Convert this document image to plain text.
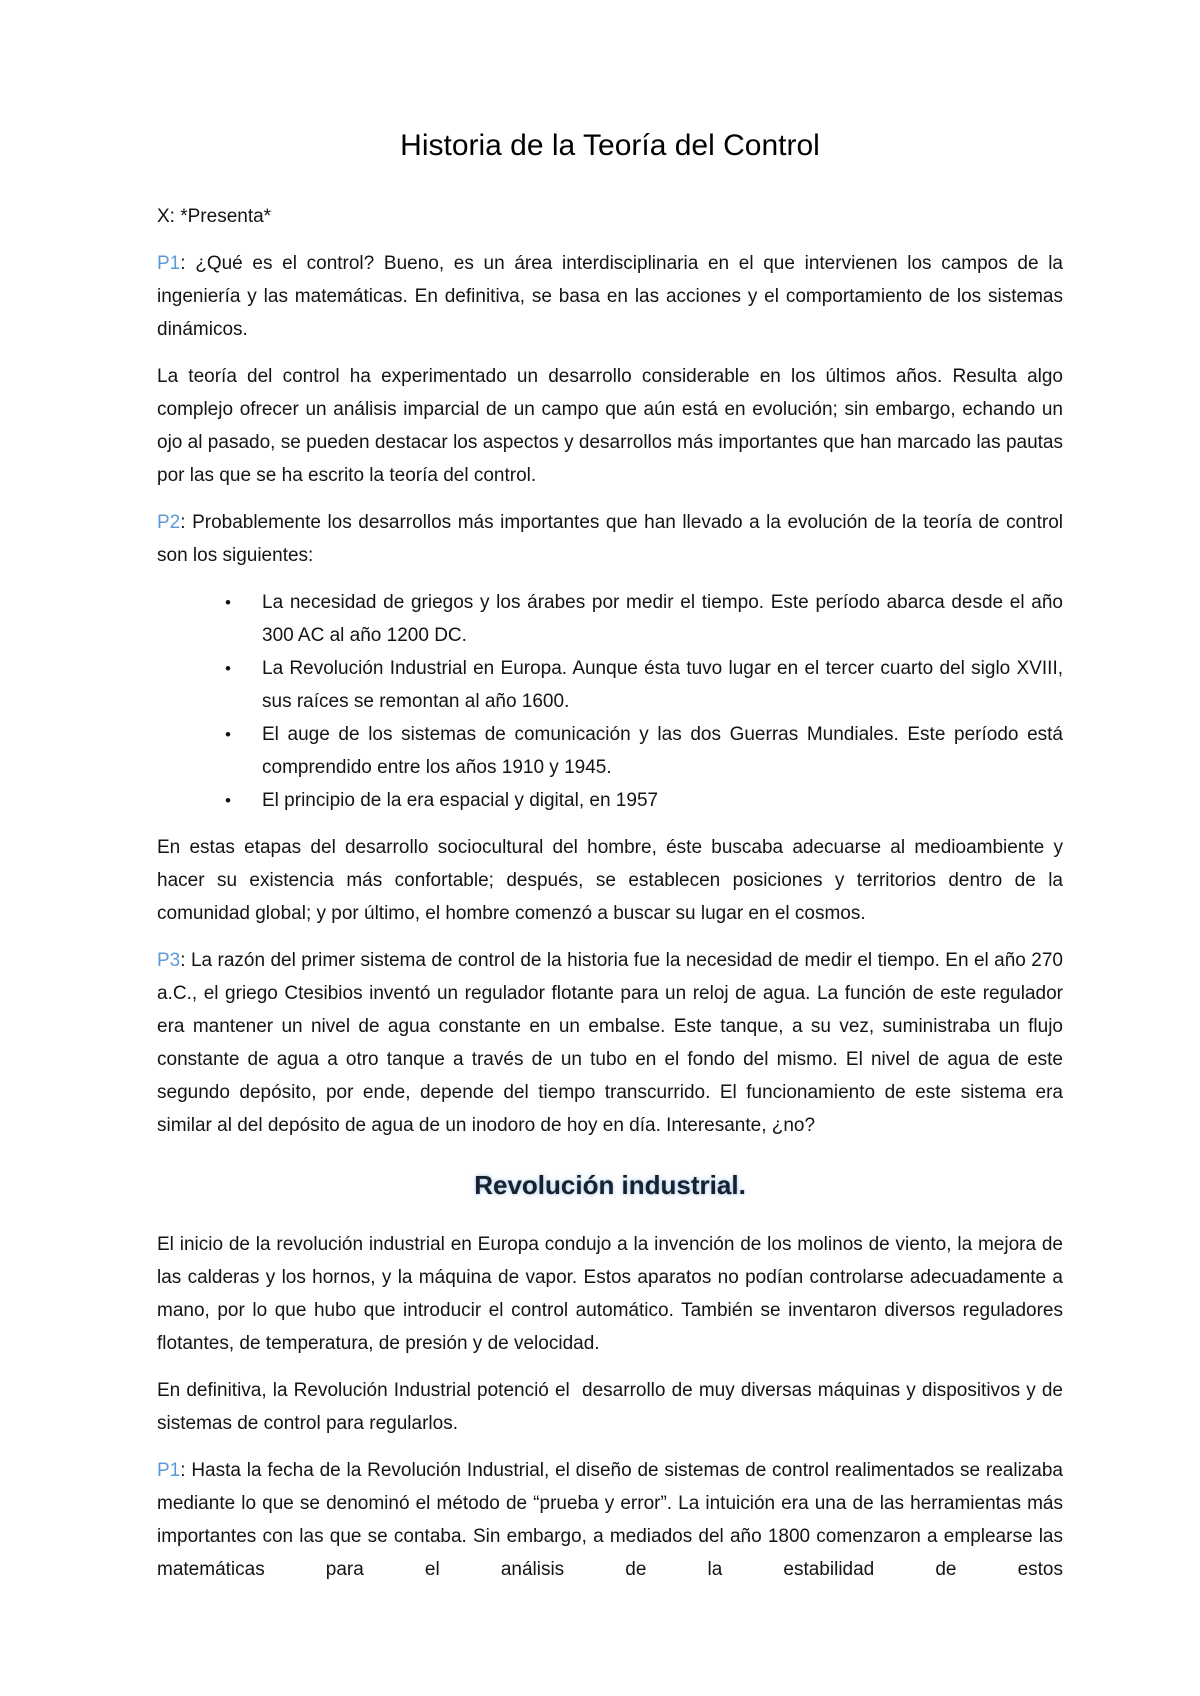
Historia de la Teoría del Control

X: *Presenta*

P1: ¿Qué es el control? Bueno, es un área interdisciplinaria en el que intervienen los campos de la ingeniería y las matemáticas. En definitiva, se basa en las acciones y el comportamiento de los sistemas dinámicos.

La teoría del control ha experimentado un desarrollo considerable en los últimos años. Resulta algo complejo ofrecer un análisis imparcial de un campo que aún está en evolución; sin embargo, echando un ojo al pasado, se pueden destacar los aspectos y desarrollos más importantes que han marcado las pautas por las que se ha escrito la teoría del control.

P2: Probablemente los desarrollos más importantes que han llevado a la evolución de la teoría de control son los siguientes:

•	La necesidad de griegos y los árabes por medir el tiempo. Este período abarca desde el año 300 AC al año 1200 DC.
•	La Revolución Industrial en Europa. Aunque ésta tuvo lugar en el tercer cuarto del siglo XVIII, sus raíces se remontan al año 1600.
•	El auge de los sistemas de comunicación y las dos Guerras Mundiales. Este período está comprendido entre los años 1910 y 1945.
•	El principio de la era espacial y digital, en 1957

En estas etapas del desarrollo sociocultural del hombre, éste buscaba adecuarse al medioambiente y hacer su existencia más confortable; después, se establecen posiciones y territorios dentro de la comunidad global; y por último, el hombre comenzó a buscar su lugar en el cosmos.

P3: La razón del primer sistema de control de la historia fue la necesidad de medir el tiempo. En el año 270 a.C., el griego Ctesibios inventó un regulador flotante para un reloj de agua. La función de este regulador era mantener un nivel de agua constante en un embalse. Este tanque, a su vez, suministraba un flujo constante de agua a otro tanque a través de un tubo en el fondo del mismo. El nivel de agua de este segundo depósito, por ende, depende del tiempo transcurrido. El funcionamiento de este sistema era similar al del depósito de agua de un inodoro de hoy en día. Interesante, ¿no?

Revolución industrial.

El inicio de la revolución industrial en Europa condujo a la invención de los molinos de viento, la mejora de las calderas y los hornos, y la máquina de vapor. Estos aparatos no podían controlarse adecuadamente a mano, por lo que hubo que introducir el control automático. También se inventaron diversos reguladores flotantes, de temperatura, de presión y de velocidad.

En definitiva, la Revolución Industrial potenció el  desarrollo de muy diversas máquinas y dispositivos y de sistemas de control para regularlos.

P1: Hasta la fecha de la Revolución Industrial, el diseño de sistemas de control realimentados se realizaba mediante lo que se denominó el método de “prueba y error”. La intuición era una de las herramientas más importantes con las que se contaba. Sin embargo, a mediados del año 1800 comenzaron a emplearse las matemáticas para el análisis de la estabilidad de estos
